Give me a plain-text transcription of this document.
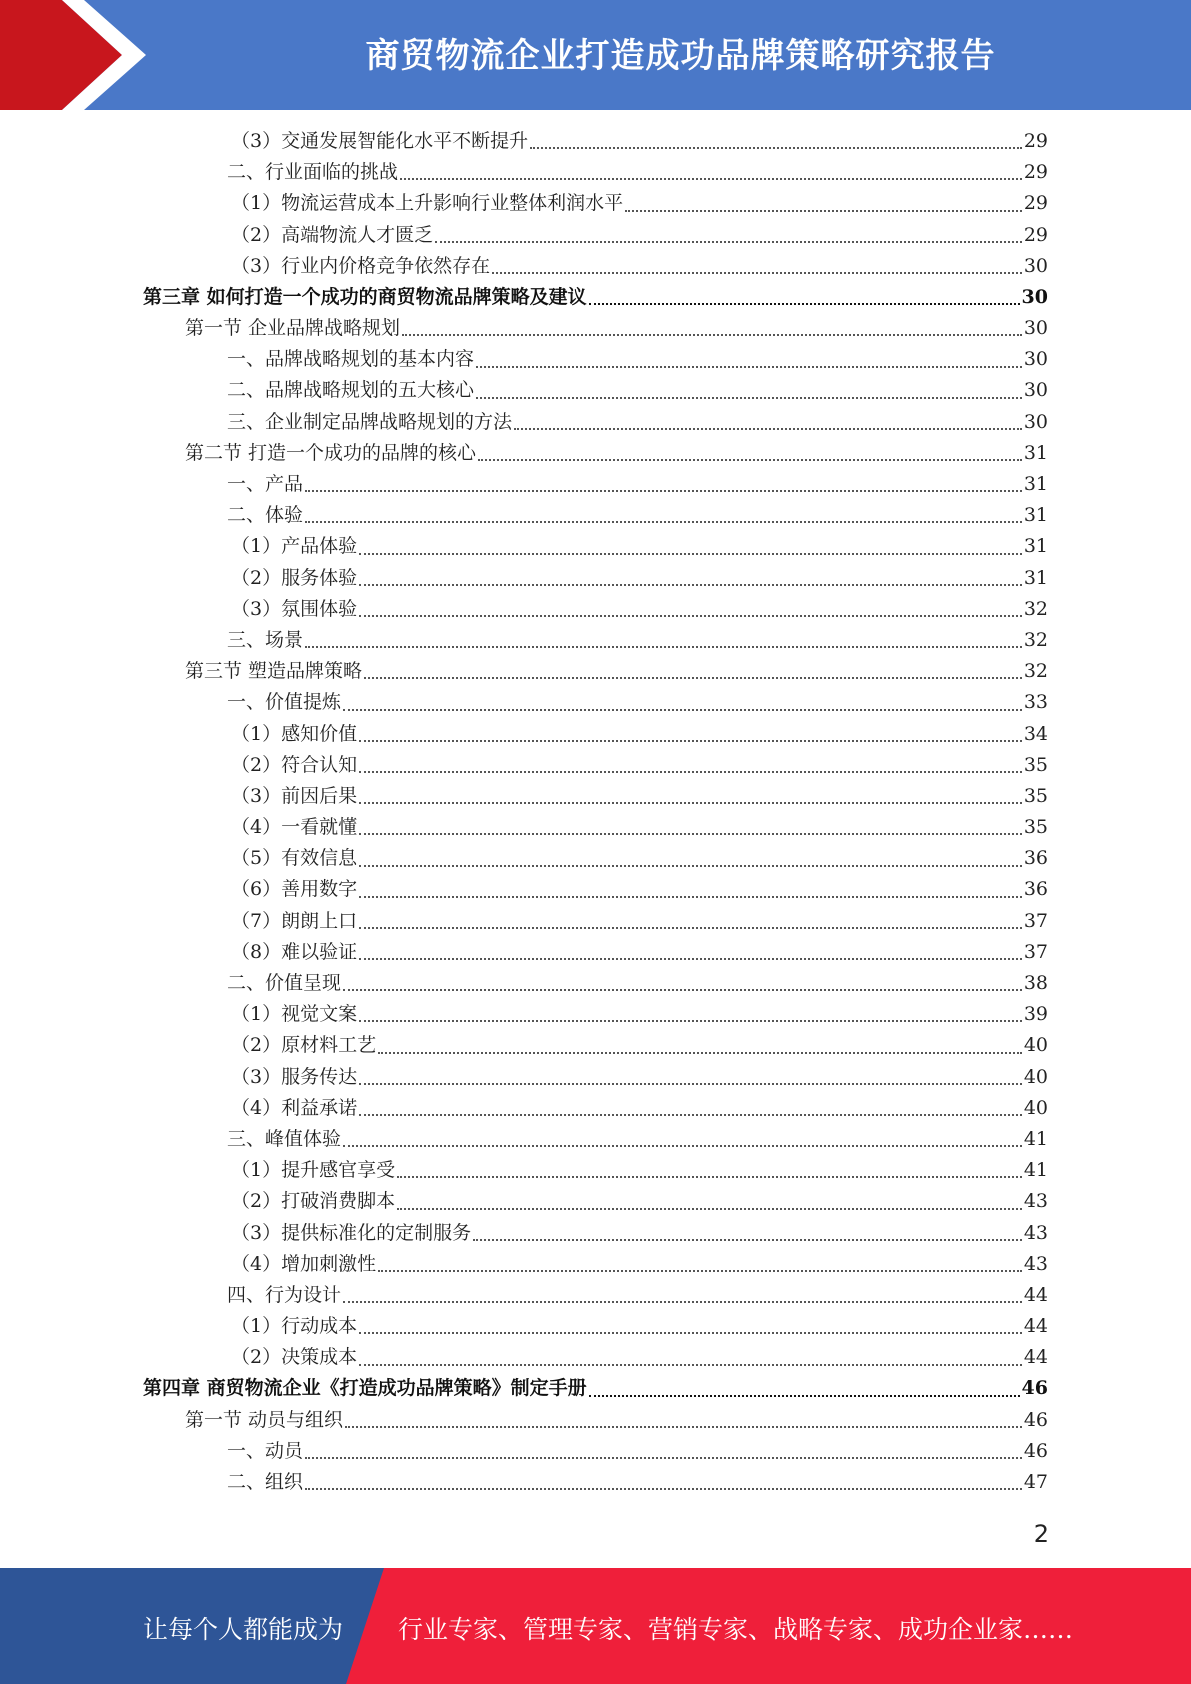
商贸物流企业打造成功品牌策略研究报告
（3）交通发展智能化水平不断提升	29
二、行业面临的挑战	29
（1）物流运营成本上升影响行业整体利润水平	29
（2）高端物流人才匮乏	29
（3）行业内价格竞争依然存在	30
第三章 如何打造一个成功的商贸物流品牌策略及建议	30
第一节 企业品牌战略规划	30
一、品牌战略规划的基本内容	30
二、品牌战略规划的五大核心	30
三、企业制定品牌战略规划的方法	30
第二节 打造一个成功的品牌的核心	31
一、产品	31
二、体验	31
（1）产品体验	31
（2）服务体验	31
（3）氛围体验	32
三、场景	32
第三节 塑造品牌策略	32
一、价值提炼	33
（1）感知价值	34
（2）符合认知	35
（3）前因后果	35
（4）一看就懂	35
（5）有效信息	36
（6）善用数字	36
（7）朗朗上口	37
（8）难以验证	37
二、价值呈现	38
（1）视觉文案	39
（2）原材料工艺	40
（3）服务传达	40
（4）利益承诺	40
三、峰值体验	41
（1）提升感官享受	41
（2）打破消费脚本	43
（3）提供标准化的定制服务	43
（4）增加刺激性	43
四、行为设计	44
（1）行动成本	44
（2）决策成本	44
第四章 商贸物流企业《打造成功品牌策略》制定手册	46
第一节 动员与组织	46
一、动员	46
二、组织	47
2
让每个人都能成为 行业专家、管理专家、营销专家、战略专家、成功企业家……
